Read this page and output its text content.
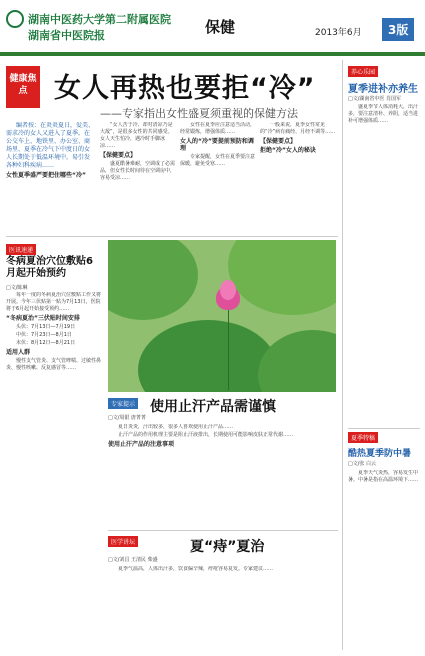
湖南中医药大学第二附属医院
湖南省中医院报	保健	2013年6月	3版
健康焦点 女人再热也要拒“冷”
——专家指出女性盛夏须重视的保健方法

编者按：在炎炎夏日，爱美、需求冷的女人又进入了夏季。在公交车上、地铁里、办公室、商场里、夏季在冷气下中度日的女人长期处于低温环境中，易引发各种妇科疾病……

女性夏季盛严要把住哪些“冷”

“女人苦于冷、却对清凉乃是大敌”，是很多女性的共同感受。女人天生怕冷，遇冷时手脚冰凉……

【保健要点】

盛夏酷暑难耐，空调成了必需品，但女性长时间待在空调房中，容易受凉……

女性在夏季应注意适当活动，经常锻炼，增强体质……

女人的“冷”要提前预防和调理

专家提醒，女性在夏季要注意保暖，避免受寒……

一般来说，夏季女性常见的“冷”病有痛经、月经不调等……

【保健要点】
拒绝“冷”女人的秘诀
医讯速递
冬病夏治穴位敷贴6月起开始预约
□文/陈琳

每年一度的冬病夏治穴位敷贴工作又将开展。今年三伏贴第一贴为7月13日，医院将于6月起开始接受预约……

“冬病夏治”三伏贴时间安排

头伏：7月13日—7月19日

中伏：7月23日—8月1日

末伏：8月12日—8月21日

适用人群

慢性支气管炎、支气管哮喘、过敏性鼻炎、慢性咳嗽、反复感冒等……

专家提示 使用止汗产品需谨慎
□文/周银 唐菁菁

夏日炎炎，汗出较多，很多人喜欢使用止汗产品……

止汗产品的作用机理主要是阻止汗液排出，长期使用可能影响皮肤正常代谢……

使用止汗产品的注意事项
医学讲坛	夏“痔”夏治
□文/刘昌 王清民 柴盛

夏季气温高，人体出汗多，饮食偏辛辣，痔疮容易复发。专家建议……

养心乐园
夏季进补亦养生
□文/湖南省中医 肖国军

盛夏季节人体消耗大，出汗多，要注意清补、养阴，适当进补可增强体质……

夏季特稿
酷热夏季防中暑
□文/张 白云

夏季天气炎热，容易发生中暑。中暑是指在高温环境下……
